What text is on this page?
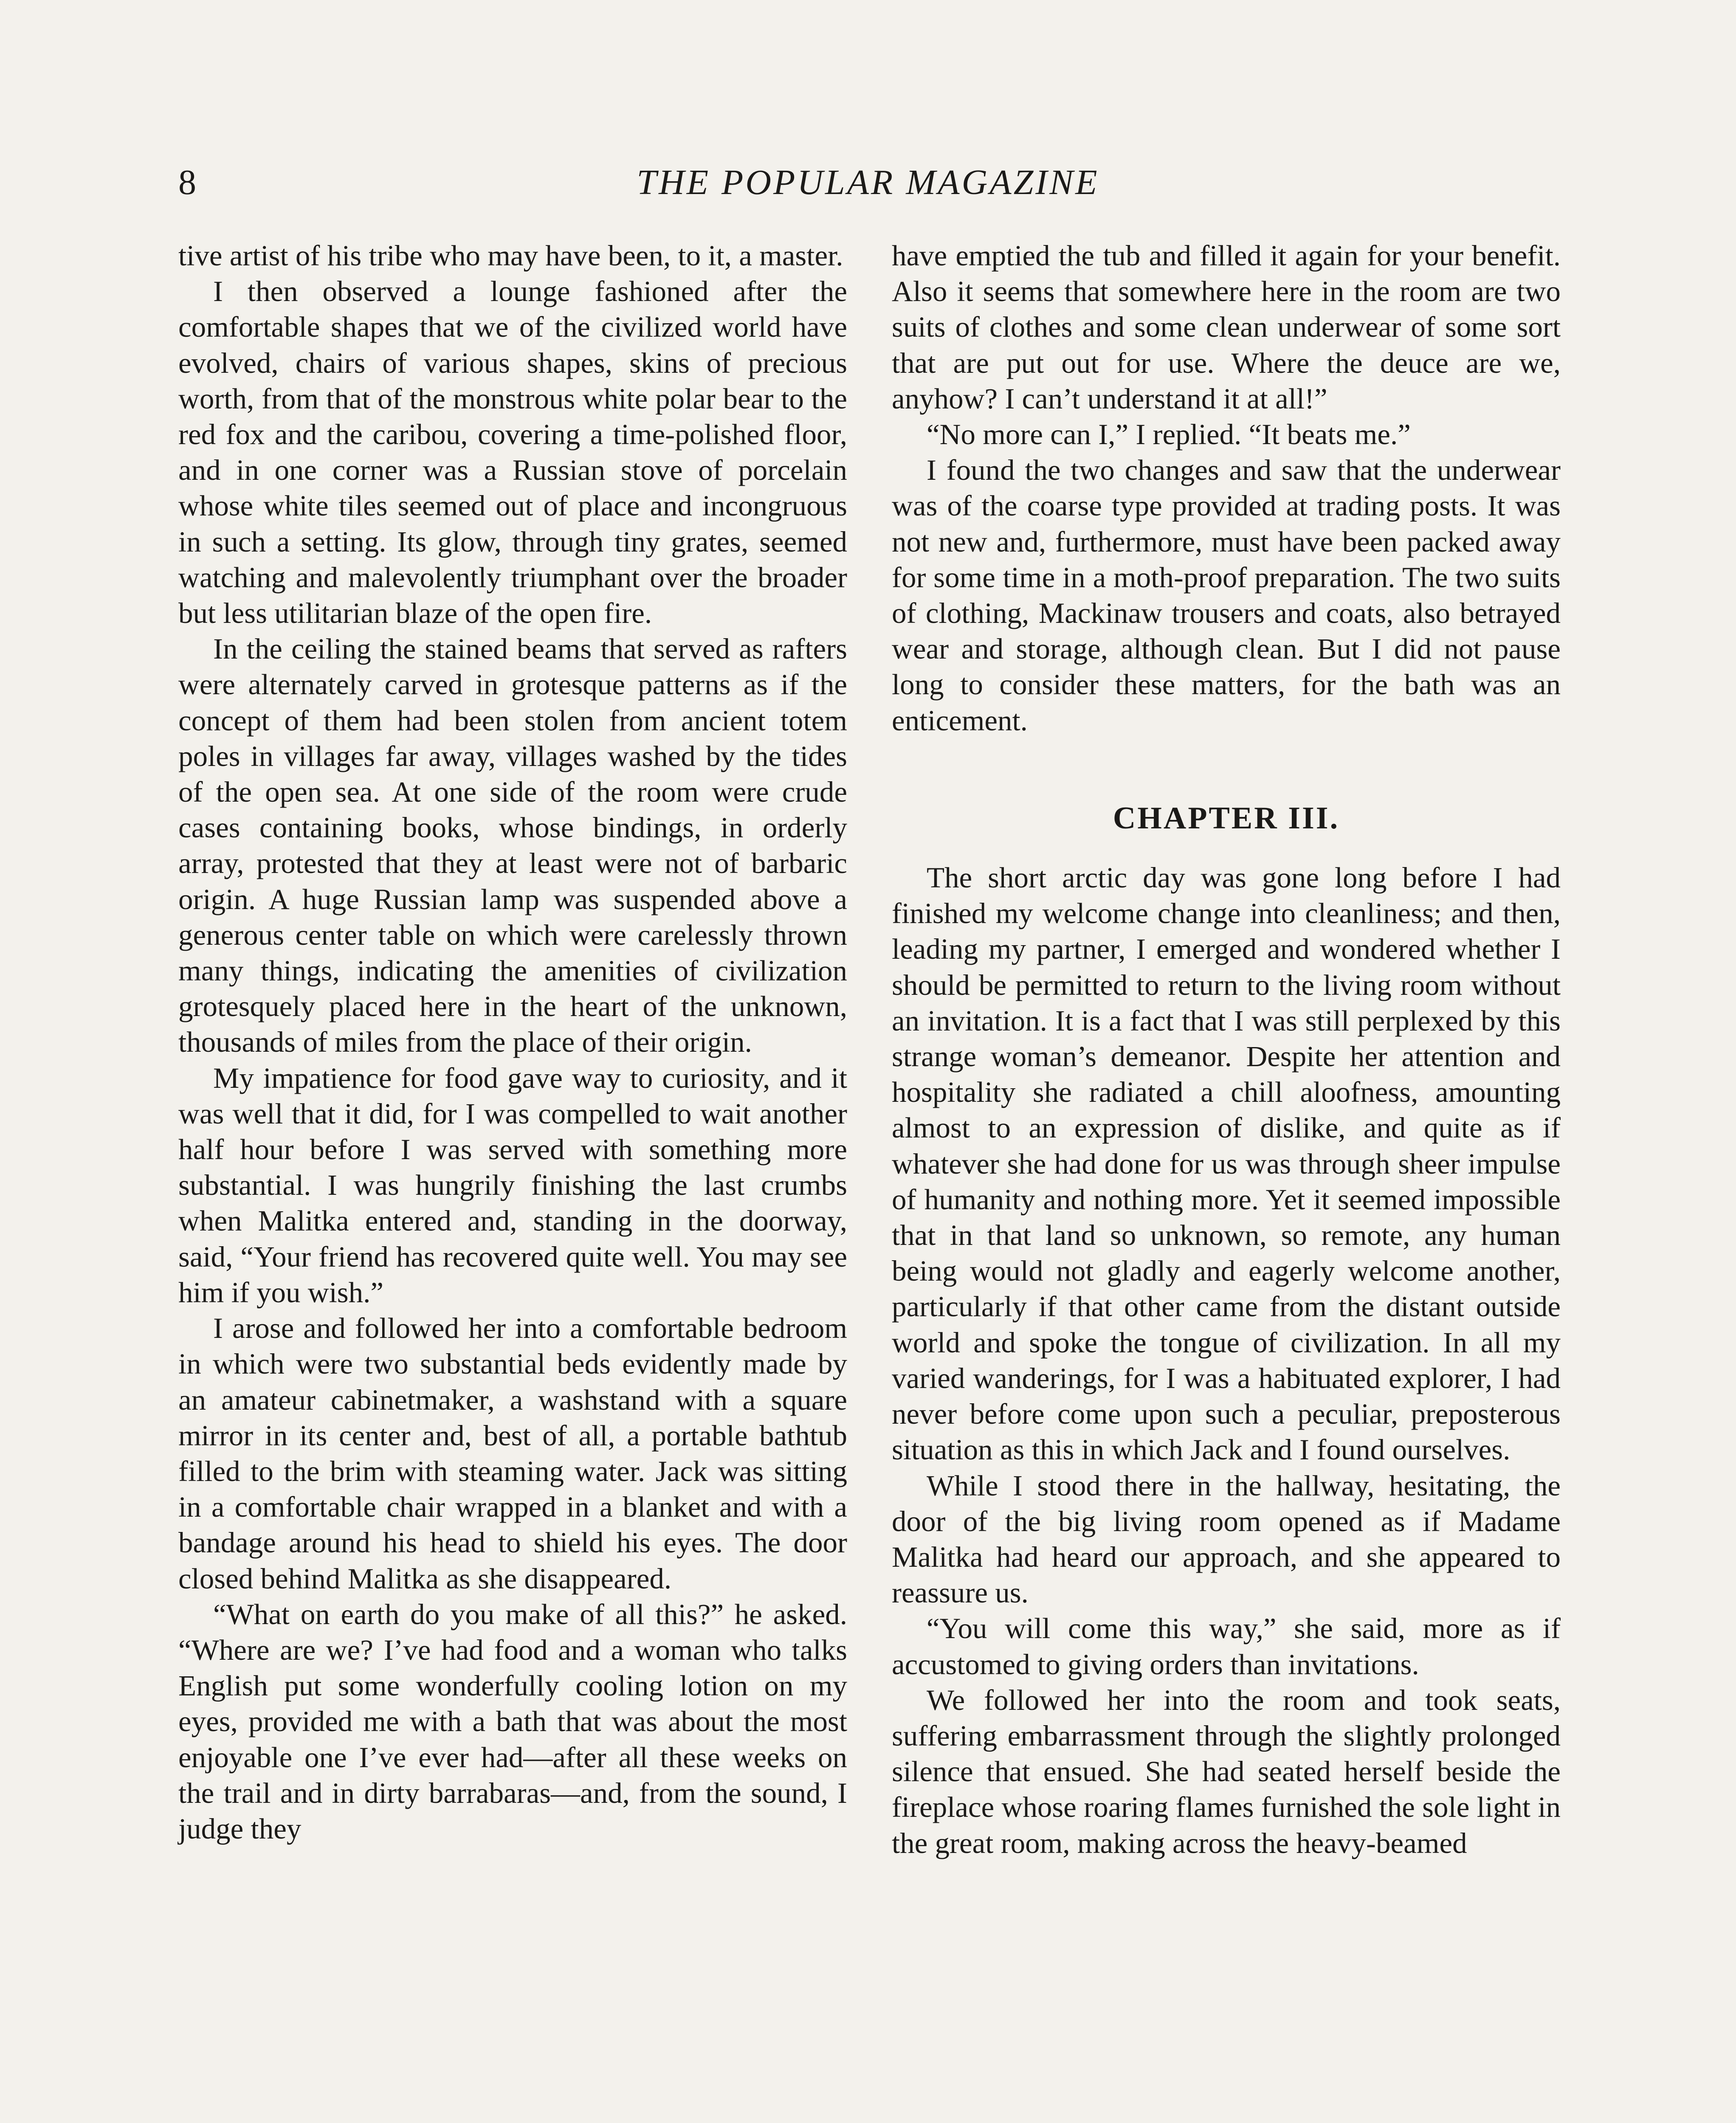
8	THE POPULAR MAGAZINE

tive artist of his tribe who may have been, to it, a master.

I then observed a lounge fashioned after the comfortable shapes that we of the civilized world have evolved, chairs of various shapes, skins of precious worth, from that of the monstrous white polar bear to the red fox and the caribou, covering a time-polished floor, and in one corner was a Russian stove of porcelain whose white tiles seemed out of place and incongruous in such a setting. Its glow, through tiny grates, seemed watching and malevolently triumphant over the broader but less utilitarian blaze of the open fire.

In the ceiling the stained beams that served as rafters were alternately carved in grotesque patterns as if the concept of them had been stolen from ancient totem poles in villages far away, villages washed by the tides of the open sea. At one side of the room were crude cases containing books, whose bindings, in orderly array, protested that they at least were not of barbaric origin. A huge Russian lamp was suspended above a generous center table on which were carelessly thrown many things, indicating the amenities of civilization grotesquely placed here in the heart of the unknown, thousands of miles from the place of their origin.

My impatience for food gave way to curiosity, and it was well that it did, for I was compelled to wait another half hour before I was served with something more substantial. I was hungrily finishing the last crumbs when Malitka entered and, standing in the doorway, said, “Your friend has recovered quite well. You may see him if you wish.”

I arose and followed her into a comfortable bedroom in which were two substantial beds evidently made by an amateur cabinetmaker, a washstand with a square mirror in its center and, best of all, a portable bathtub filled to the brim with steaming water. Jack was sitting in a comfortable chair wrapped in a blanket and with a bandage around his head to shield his eyes. The door closed behind Malitka as she disappeared.

“What on earth do you make of all this?” he asked. “Where are we? I’ve had food and a woman who talks English put some wonderfully cooling lotion on my eyes, provided me with a bath that was about the most enjoyable one I’ve ever had—after all these weeks on the trail and in dirty barrabaras—and, from the sound, I judge they

have emptied the tub and filled it again for your benefit. Also it seems that somewhere here in the room are two suits of clothes and some clean underwear of some sort that are put out for use. Where the deuce are we, anyhow? I can’t understand it at all!”

“No more can I,” I replied. “It beats me.”

I found the two changes and saw that the underwear was of the coarse type provided at trading posts. It was not new and, furthermore, must have been packed away for some time in a moth-proof preparation. The two suits of clothing, Mackinaw trousers and coats, also betrayed wear and storage, although clean. But I did not pause long to consider these matters, for the bath was an enticement.

CHAPTER III.

The short arctic day was gone long before I had finished my welcome change into cleanliness; and then, leading my partner, I emerged and wondered whether I should be permitted to return to the living room without an invitation. It is a fact that I was still perplexed by this strange woman’s demeanor. Despite her attention and hospitality she radiated a chill aloofness, amounting almost to an expression of dislike, and quite as if whatever she had done for us was through sheer impulse of humanity and nothing more. Yet it seemed impossible that in that land so unknown, so remote, any human being would not gladly and eagerly welcome another, particularly if that other came from the distant outside world and spoke the tongue of civilization. In all my varied wanderings, for I was a habituated explorer, I had never before come upon such a peculiar, preposterous situation as this in which Jack and I found ourselves.

While I stood there in the hallway, hesitating, the door of the big living room opened as if Madame Malitka had heard our approach, and she appeared to reassure us.

“You will come this way,” she said, more as if accustomed to giving orders than invitations.

We followed her into the room and took seats, suffering embarrassment through the slightly prolonged silence that ensued. She had seated herself beside the fireplace whose roaring flames furnished the sole light in the great room, making across the heavy-beamed
